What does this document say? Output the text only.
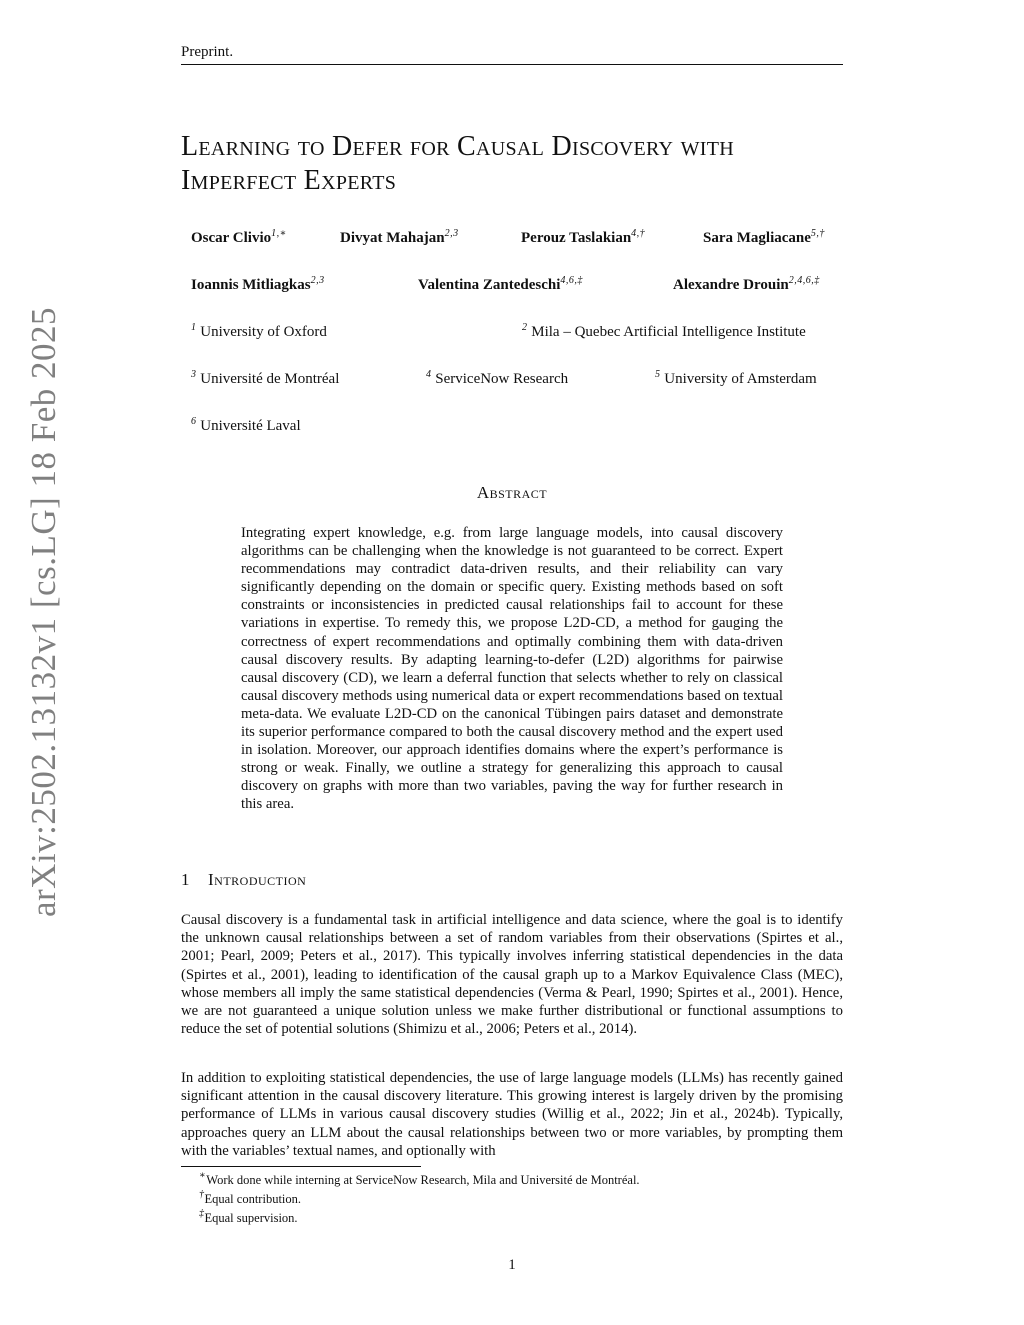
Preprint.
arXiv:2502.13132v1 [cs.LG] 18 Feb 2025
Learning to Defer for Causal Discovery with
Imperfect Experts
Oscar Clivio$^{1,∗}$	Divyat Mahajan$^{2,3}$	Perouz Taslakian$^{4,\dagger}$	Sara Magliacane$^{5,\dagger}$
Ioannis Mitliagkas$^{2,3}$	Valentina Zantedeschi$^{4,6,\ddagger}$	Alexandre Drouin$^{2,4,6,\ddagger}$
$^1$ University of Oxford	$^2$ Mila – Quebec Artificial Intelligence Institute
$^3$ Université de Montréal	$^4$ ServiceNow Research	$^5$ University of Amsterdam
$^6$ Université Laval
Abstract
Integrating expert knowledge, e.g. from large language models, into causal discovery algorithms can be challenging when the knowledge is not guaranteed to be correct. Expert recommendations may contradict data-driven results, and their reliability can vary significantly depending on the domain or specific query. Existing methods based on soft constraints or inconsistencies in predicted causal relationships fail to account for these variations in expertise. To remedy this, we propose L2D-CD, a method for gauging the correctness of expert recommendations and optimally combining them with data-driven causal discovery results. By adapting learning-to-defer (L2D) algorithms for pairwise causal discovery (CD), we learn a deferral function that selects whether to rely on classical causal discovery methods using numerical data or expert recommendations based on textual meta-data. We evaluate L2D-CD on the canonical Tübingen pairs dataset and demonstrate its superior performance compared to both the causal discovery method and the expert used in isolation. Moreover, our approach identifies domains where the expert’s performance is strong or weak. Finally, we outline a strategy for generalizing this approach to causal discovery on graphs with more than two variables, paving the way for further research in this area.
1 Introduction
Causal discovery is a fundamental task in artificial intelligence and data science, where the goal is to identify the unknown causal relationships between a set of random variables from their observations (Spirtes et al., 2001; Pearl, 2009; Peters et al., 2017). This typically involves inferring statistical dependencies in the data (Spirtes et al., 2001), leading to identification of the causal graph up to a Markov Equivalence Class (MEC), whose members all imply the same statistical dependencies (Verma & Pearl, 1990; Spirtes et al., 2001). Hence, we are not guaranteed a unique solution unless we make further distributional or functional assumptions to reduce the set of potential solutions (Shimizu et al., 2006; Peters et al., 2014).
In addition to exploiting statistical dependencies, the use of large language models (LLMs) has recently gained significant attention in the causal discovery literature. This growing interest is largely driven by the promising performance of LLMs in various causal discovery studies (Willig et al., 2022; Jin et al., 2024b). Typically, approaches query an LLM about the causal relationships between two or more variables, by prompting them with the variables’ textual names, and optionally with
∗Work done while interning at ServiceNow Research, Mila and Université de Montréal.
†Equal contribution.
‡Equal supervision.
1
